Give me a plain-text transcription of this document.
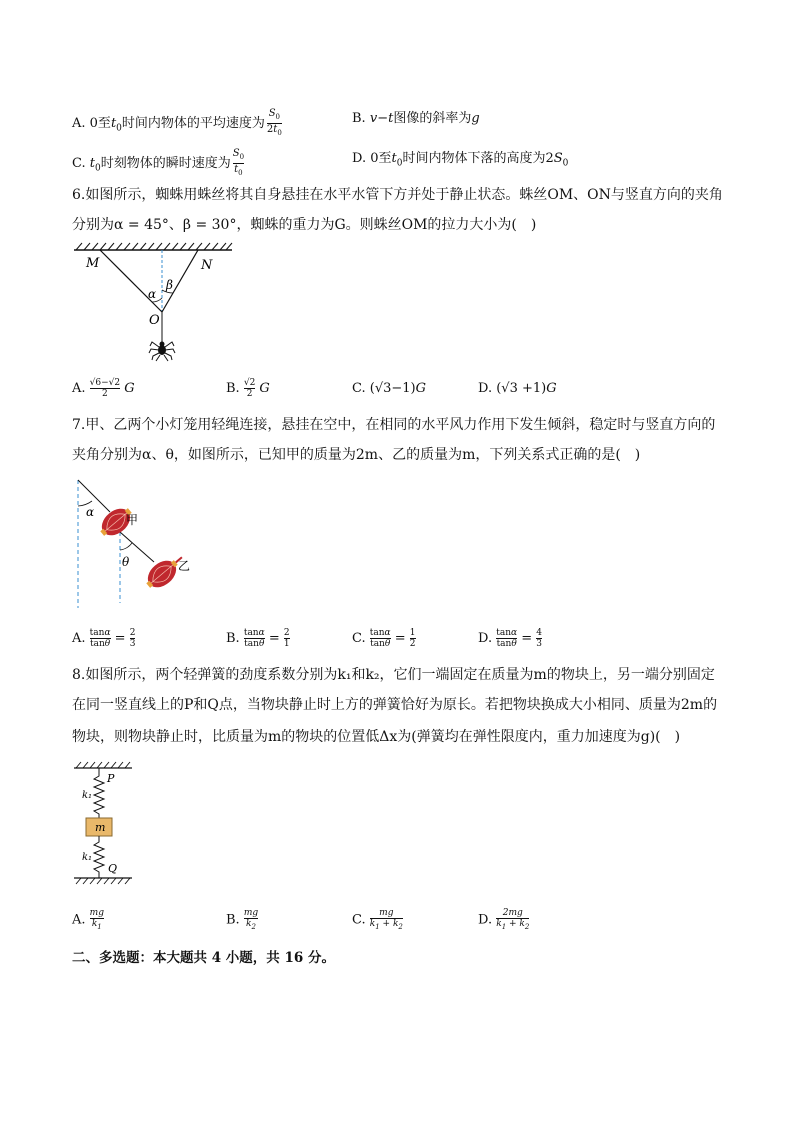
A. 0至$t_0$时间内物体的平均速度为 $\frac{S_0}{2t_0}$	B. v−t图像的斜率为g
C. $t_0$时刻物体的瞬时速度为 $\frac{S_0}{t_0}$	D. 0至$t_0$时间内物体下落的高度为$2S_0$
6.如图所示，蜘蛛用蛛丝将其自身悬挂在水平水管下方并处于静止状态。蛛丝OM、ON与竖直方向的夹角
分别为α = 45°、β = 30°，蜘蛛的重力为G。则蛛丝OM的拉力大小为(　)
M	N
O
α
β
A. $\frac{√6-√2}{2}$ G	B. $\frac{√2}{2}$ G	C. (√3−1)G	D. (√3 +1)G
7.甲、乙两个小灯笼用轻绳连接，悬挂在空中，在相同的水平风力作用下发生倾斜，稳定时与竖直方向的
夹角分别为α、θ，如图所示，已知甲的质量为2m、乙的质量为m，下列关系式正确的是(　)
α
甲
θ	乙
A. $\frac{\tan\alpha}{\tan\theta} = \frac{2}{3}$	B. $\frac{\tan\alpha}{\tan\theta} = \frac{2}{1}$	C. $\frac{\tan\alpha}{\tan\theta} = \frac{1}{2}$	D. $\frac{\tan\alpha}{\tan\theta} = \frac{4}{3}$
8.如图所示，两个轻弹簧的劲度系数分别为k₁和k₂，它们一端固定在质量为m的物块上，另一端分别固定
在同一竖直线上的P和Q点，当物块静止时上方的弹簧恰好为原长。若把物块换成大小相同、质量为2m的
物块，则物块静止时，比质量为m的物块的位置低Δx为(弹簧均在弹性限度内，重力加速度为g)(　)
P
k₁
m
k₁
Q
A. $\frac{mg}{k_1}$	B. $\frac{mg}{k_2}$	C. $\frac{mg}{k_1 + k_2}$	D. $\frac{2mg}{k_1 + k_2}$
二、多选题：本大题共 4 小题，共 16 分。
